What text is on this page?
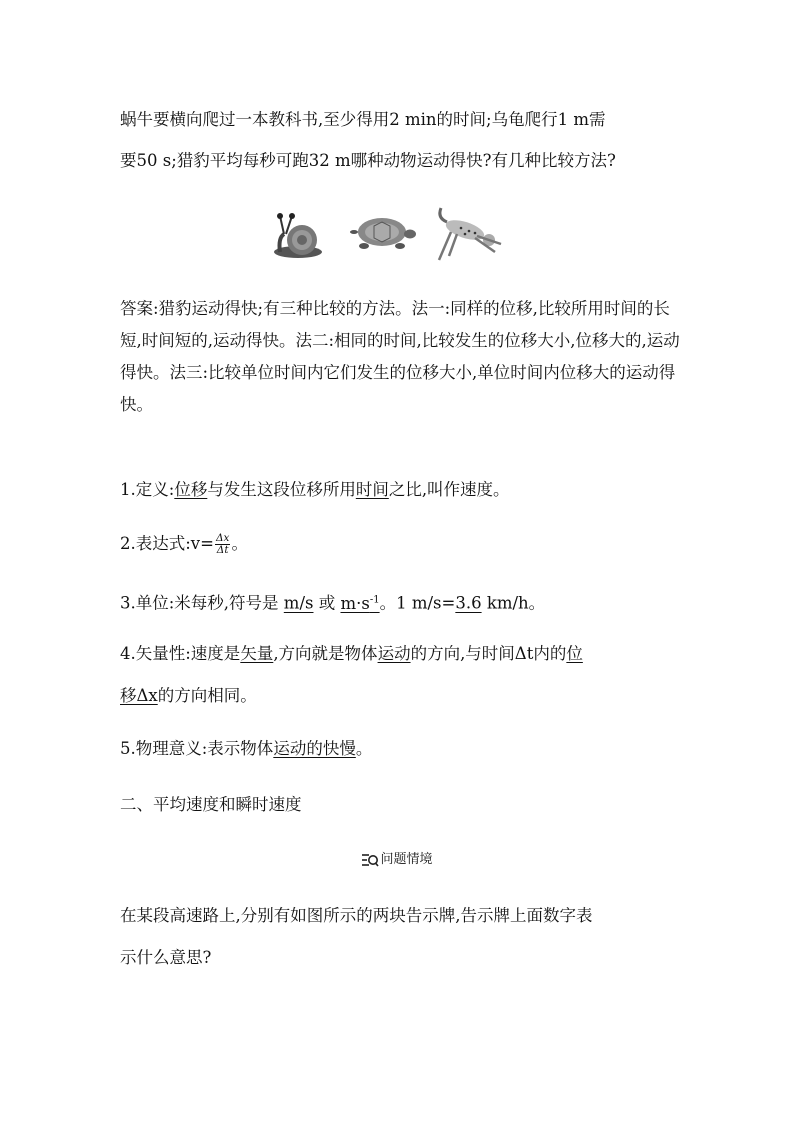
蜗牛要横向爬过一本教科书,至少得用2 min的时间;乌龟爬行1 m需

要50 s;猎豹平均每秒可跑32 m哪种动物运动得快?有几种比较方法?

答案:猎豹运动得快;有三种比较的方法。法一:同样的位移,比较所用时间的长短,时间短的,运动得快。法二:相同的时间,比较发生的位移大小,位移大的,运动得快。法三:比较单位时间内它们发生的位移大小,单位时间内位移大的运动得快。

1.定义:位移与发生这段位移所用时间之比,叫作速度。

2.表达式:v= $\frac{\Delta x}{\Delta t}$ 。

3.单位:米每秒,符号是 m/s 或 $m\cdot s^{-1}$。1 m/s=3.6 km/h。

4.矢量性:速度是矢量,方向就是物体运动的方向,与时间Δt内的位

移Δx的方向相同。

5.物理意义:表示物体运动的快慢。

二、平均速度和瞬时速度

问题情境

在某段高速路上,分别有如图所示的两块告示牌,告示牌上面数字表

示什么意思?
